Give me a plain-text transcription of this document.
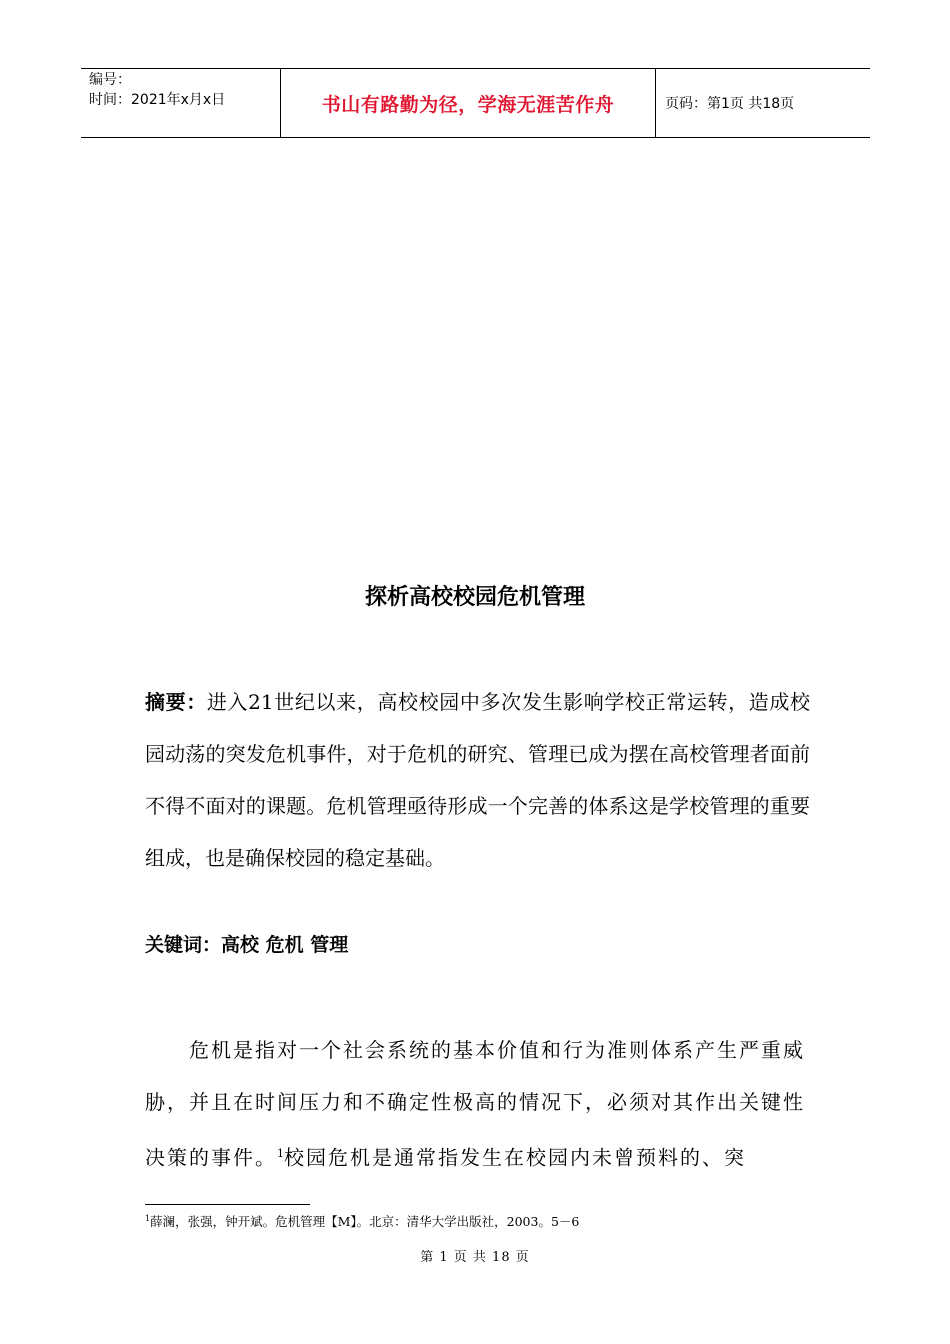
编号：
时间：2021年x月x日	书山有路勤为径，学海无涯苦作舟	页码：第1页 共18页
探析高校校园危机管理
摘要：进入21世纪以来，高校校园中多次发生影响学校正常运转，造成校园动荡的突发危机事件，对于危机的研究、管理已成为摆在高校管理者面前不得不面对的课题。危机管理亟待形成一个完善的体系这是学校管理的重要组成，也是确保校园的稳定基础。
关键词：高校 危机 管理
危机是指对一个社会系统的基本价值和行为准则体系产生严重威胁，并且在时间压力和不确定性极高的情况下，必须对其作出关键性决策的事件。$^1$校园危机是通常指发生在校园内未曾预料的、突
$^1$薛澜，张强，钟开斌。危机管理【M】。北京：清华大学出版社，2003。5－6
第 1 页 共 18 页
